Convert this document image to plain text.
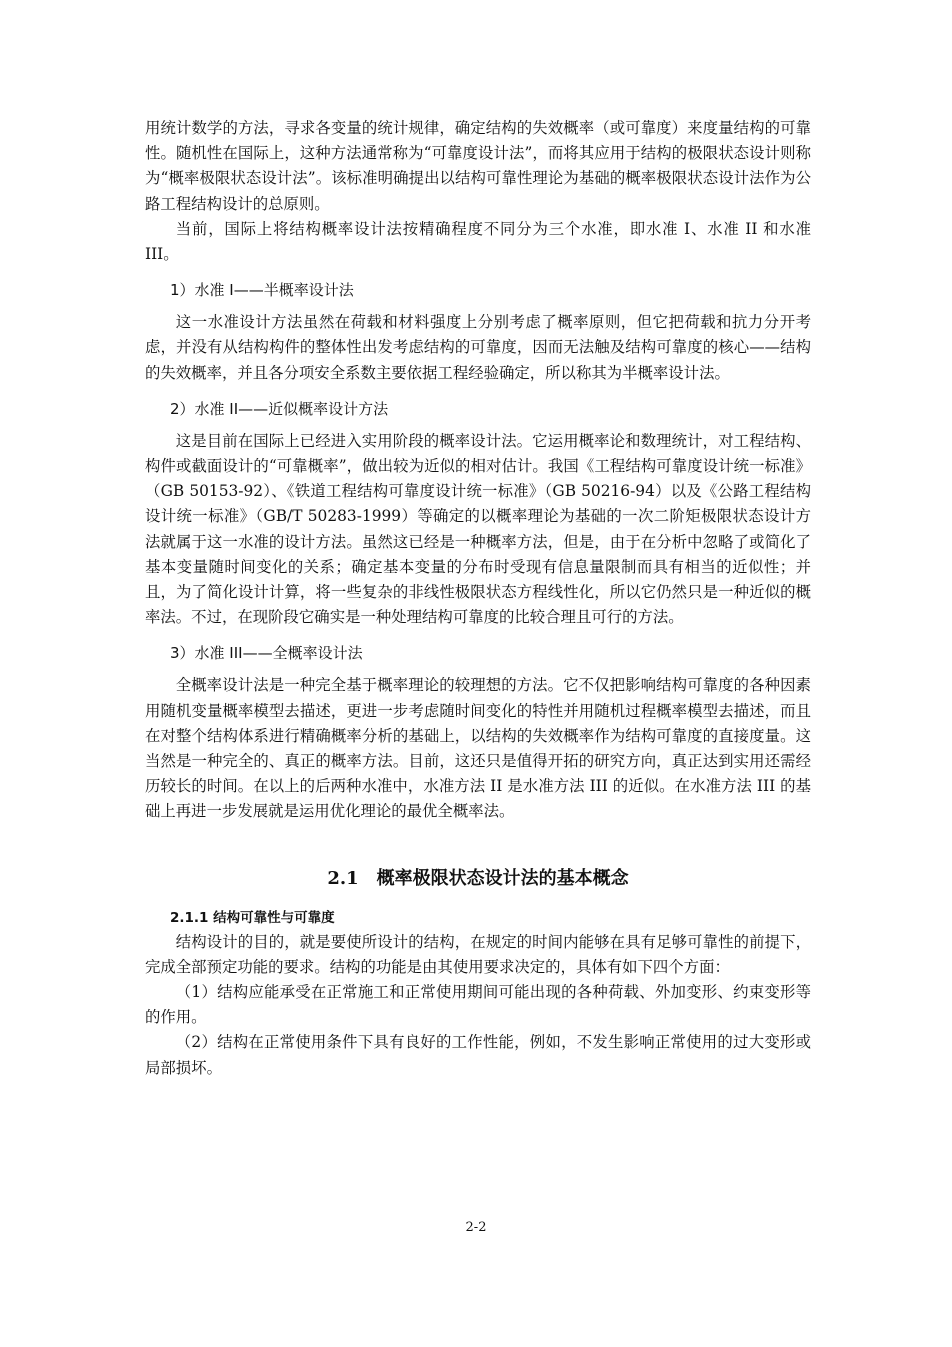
用统计数学的方法，寻求各变量的统计规律，确定结构的失效概率（或可靠度）来度量结构的可靠性。随机性在国际上，这种方法通常称为“可靠度设计法”，而将其应用于结构的极限状态设计则称为“概率极限状态设计法”。该标准明确提出以结构可靠性理论为基础的概率极限状态设计法作为公路工程结构设计的总原则。

当前，国际上将结构概率设计法按精确程度不同分为三个水准，即水准 I、水准 II 和水准 III。

1）水准 I——半概率设计法

这一水准设计方法虽然在荷载和材料强度上分别考虑了概率原则，但它把荷载和抗力分开考虑，并没有从结构构件的整体性出发考虑结构的可靠度，因而无法触及结构可靠度的核心——结构的失效概率，并且各分项安全系数主要依据工程经验确定，所以称其为半概率设计法。

2）水准 II——近似概率设计方法

这是目前在国际上已经进入实用阶段的概率设计法。它运用概率论和数理统计，对工程结构、构件或截面设计的“可靠概率”，做出较为近似的相对估计。我国《工程结构可靠度设计统一标准》（GB 50153-92）、《铁道工程结构可靠度设计统一标准》（GB 50216-94）以及《公路工程结构设计统一标准》（GB/T 50283-1999）等确定的以概率理论为基础的一次二阶矩极限状态设计方法就属于这一水准的设计方法。虽然这已经是一种概率方法，但是，由于在分析中忽略了或简化了基本变量随时间变化的关系；确定基本变量的分布时受现有信息量限制而具有相当的近似性；并且，为了简化设计计算，将一些复杂的非线性极限状态方程线性化，所以它仍然只是一种近似的概率法。不过，在现阶段它确实是一种处理结构可靠度的比较合理且可行的方法。

3）水准 III——全概率设计法

全概率设计法是一种完全基于概率理论的较理想的方法。它不仅把影响结构可靠度的各种因素用随机变量概率模型去描述，更进一步考虑随时间变化的特性并用随机过程概率模型去描述，而且在对整个结构体系进行精确概率分析的基础上，以结构的失效概率作为结构可靠度的直接度量。这当然是一种完全的、真正的概率方法。目前，这还只是值得开拓的研究方向，真正达到实用还需经历较长的时间。在以上的后两种水准中，水准方法 II 是水准方法 III 的近似。在水准方法 III 的基础上再进一步发展就是运用优化理论的最优全概率法。

2.1　概率极限状态设计法的基本概念
2.1.1 结构可靠性与可靠度

结构设计的目的，就是要使所设计的结构，在规定的时间内能够在具有足够可靠性的前提下，完成全部预定功能的要求。结构的功能是由其使用要求决定的，具体有如下四个方面：

（1）结构应能承受在正常施工和正常使用期间可能出现的各种荷载、外加变形、约束变形等的作用。

（2）结构在正常使用条件下具有良好的工作性能，例如，不发生影响正常使用的过大变形或局部损坏。

2-2
